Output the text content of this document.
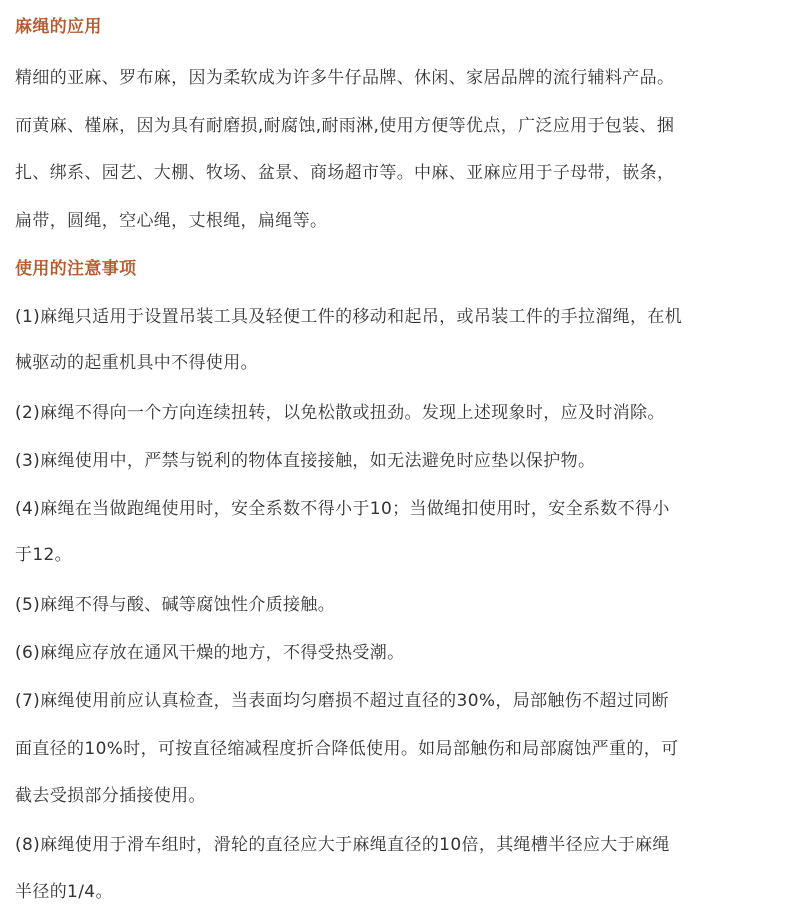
麻绳的应用
精细的亚麻、罗布麻，因为柔软成为许多牛仔品牌、休闲、家居品牌的流行辅料产品。
而黄麻、槿麻，因为具有耐磨损,耐腐蚀,耐雨淋,使用方便等优点，广泛应用于包装、捆
扎、绑系、园艺、大棚、牧场、盆景、商场超市等。中麻、亚麻应用于子母带，嵌条，
扁带，圆绳，空心绳，丈根绳，扁绳等。
使用的注意事项
(1)麻绳只适用于设置吊装工具及轻便工件的移动和起吊，或吊装工件的手拉溜绳，在机
械驱动的起重机具中不得使用。
(2)麻绳不得向一个方向连续扭转，以免松散或扭劲。发现上述现象时，应及时消除。
(3)麻绳使用中，严禁与锐利的物体直接接触，如无法避免时应垫以保护物。
(4)麻绳在当做跑绳使用时，安全系数不得小于10；当做绳扣使用时，安全系数不得小
于12。
(5)麻绳不得与酸、碱等腐蚀性介质接触。
(6)麻绳应存放在通风干燥的地方，不得受热受潮。
(7)麻绳使用前应认真检查，当表面均匀磨损不超过直径的30%，局部触伤不超过同断
面直径的10%时，可按直径缩减程度折合降低使用。如局部触伤和局部腐蚀严重的，可
截去受损部分插接使用。
(8)麻绳使用于滑车组时，滑轮的直径应大于麻绳直径的10倍，其绳槽半径应大于麻绳
半径的1/4。
